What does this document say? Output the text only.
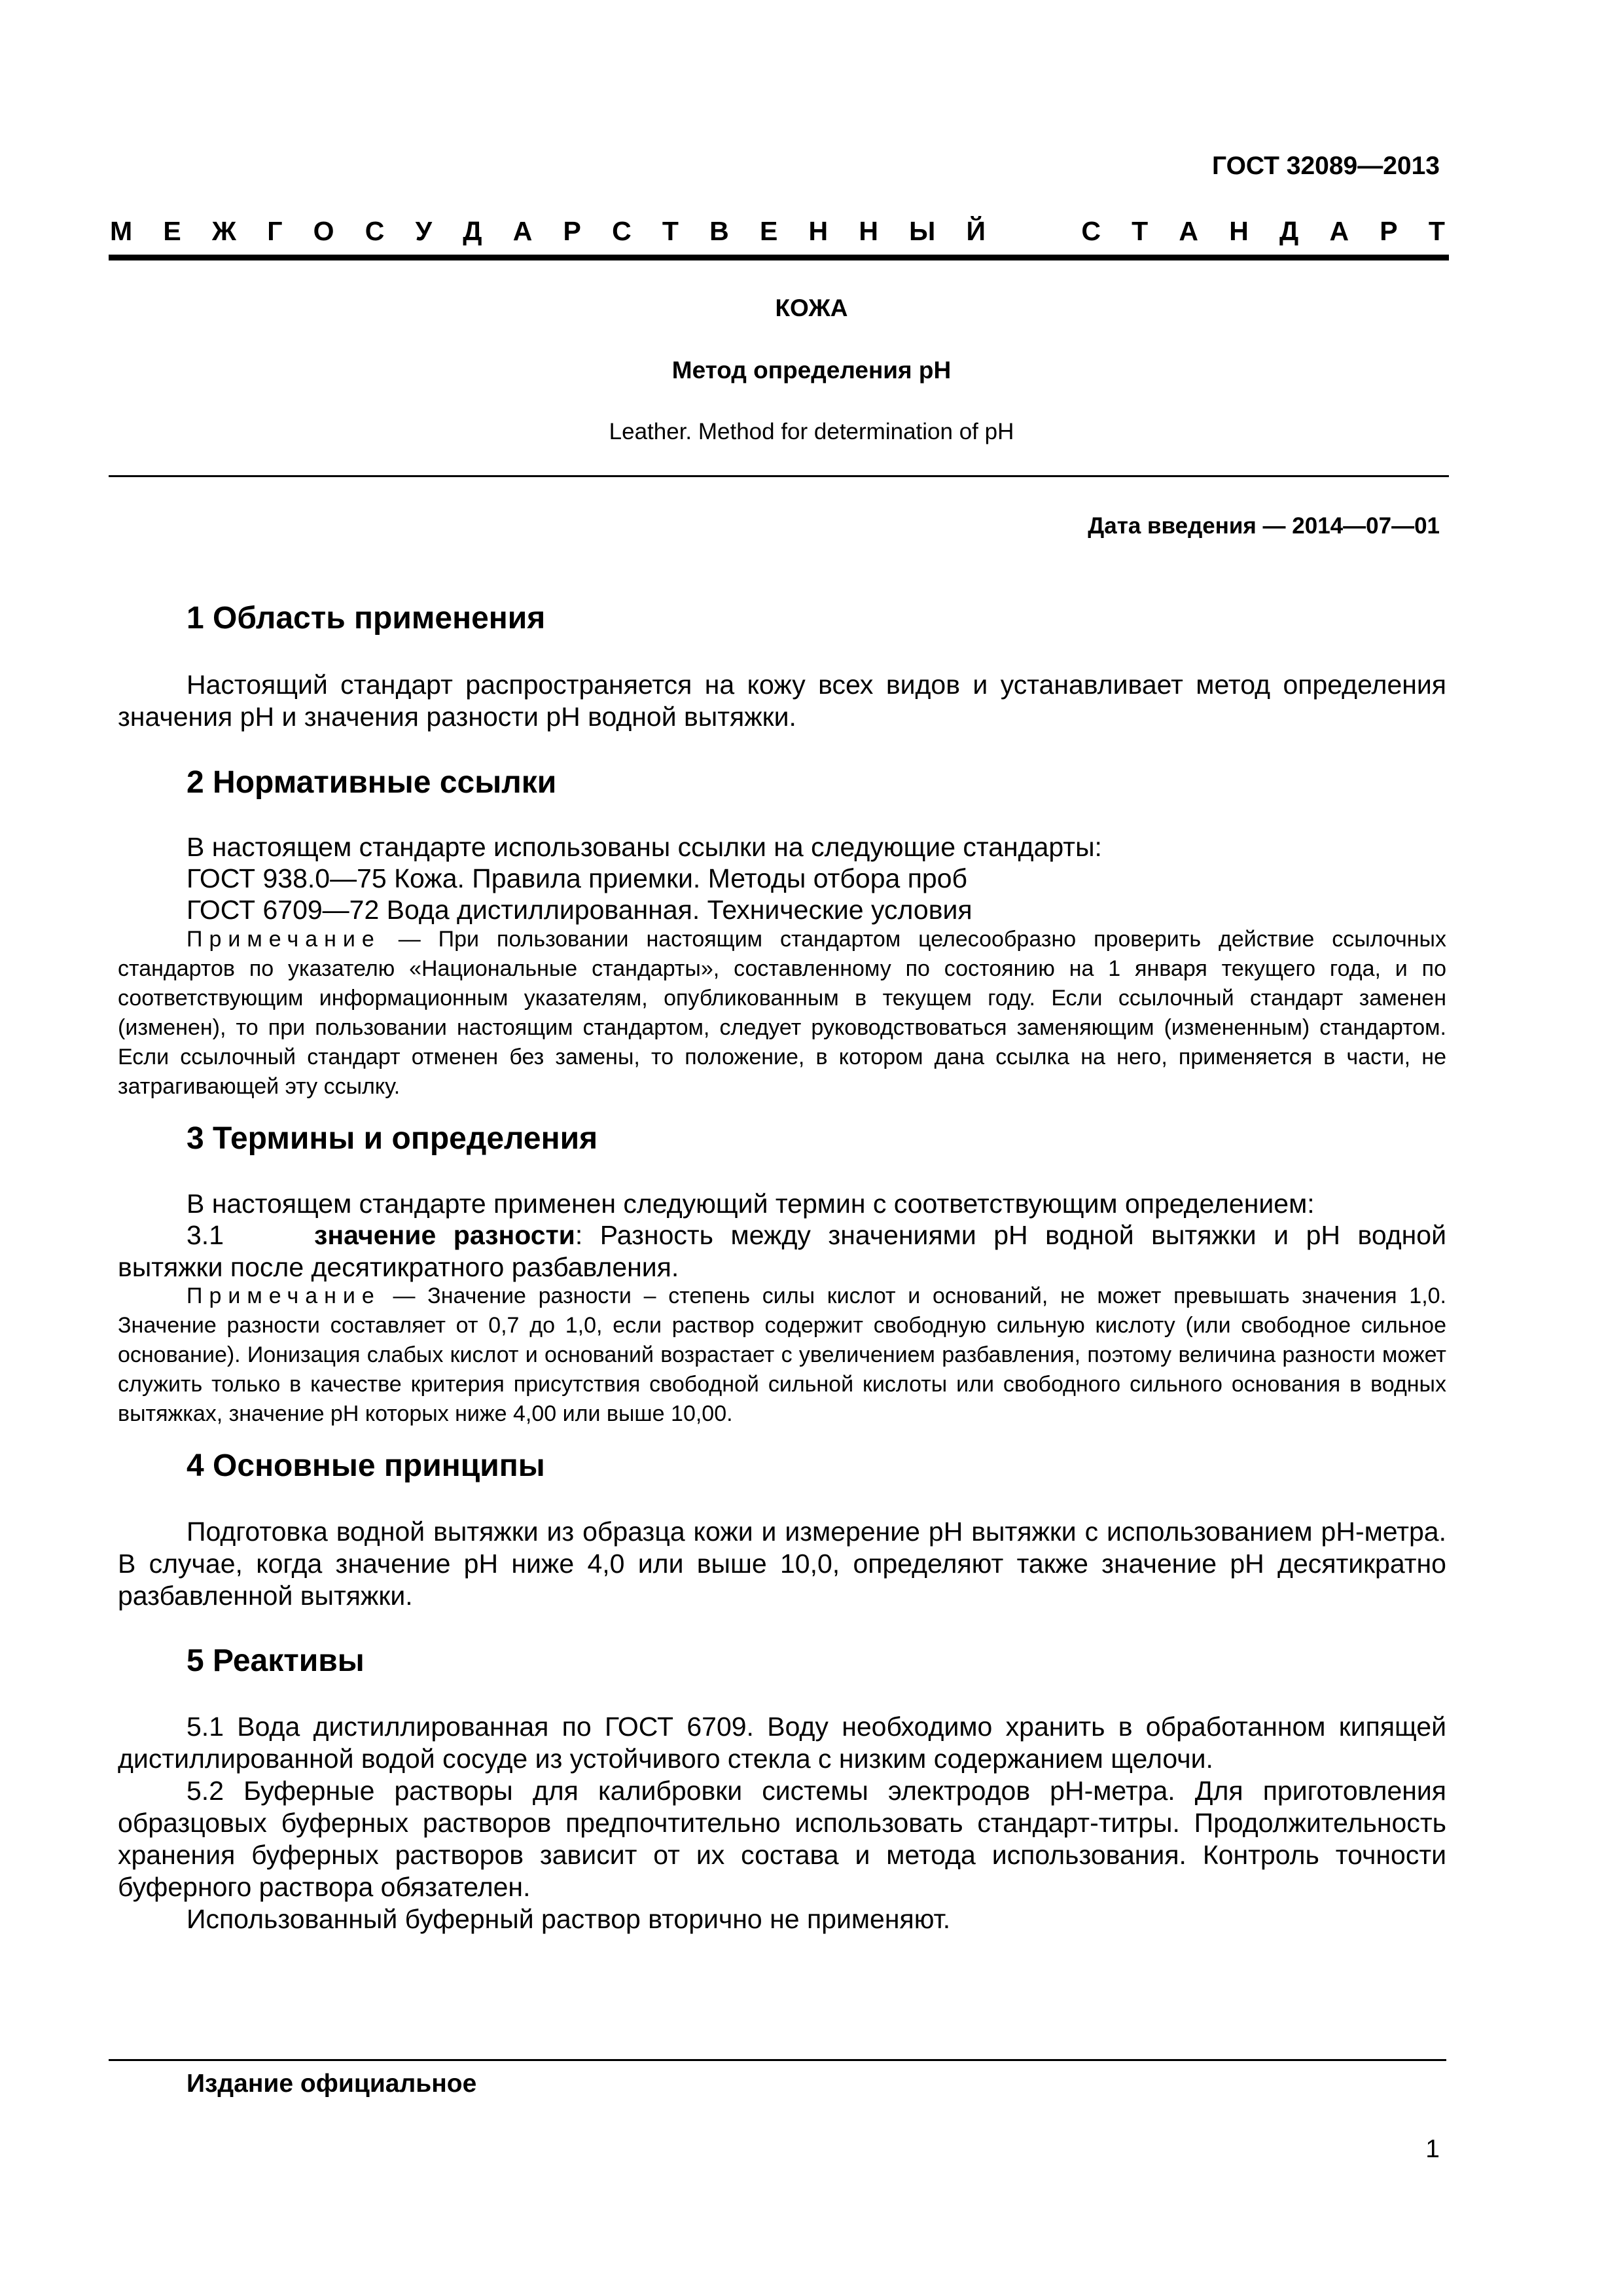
ГОСТ 32089—2013
М Е Ж Г О С У Д А Р С Т В Е Н Н Ы Й	С Т А Н Д А Р Т
КОЖА
Метод определения pH
Leather. Method for determination of pH
Дата введения — 2014—07—01
1 Область применения

Настоящий стандарт распространяется на кожу всех видов и устанавливает метод определения значения pH и значения разности pH водной вытяжки.

2 Нормативные ссылки
В настоящем стандарте использованы ссылки на следующие стандарты:
ГОСТ 938.0—75 Кожа. Правила приемки. Методы отбора проб
ГОСТ 6709—72 Вода дистиллированная. Технические условия

Примечание — При пользовании настоящим стандартом целесообразно проверить действие ссылочных стандартов по указателю «Национальные стандарты», составленному по состоянию на 1 января текущего года, и по соответствующим информационным указателям, опубликованным в текущем году. Если ссылочный стандарт заменен (изменен), то при пользовании настоящим стандартом, следует руководствоваться заменяющим (измененным) стандартом. Если ссылочный стандарт отменен без замены, то положение, в котором дана ссылка на него, применяется в части, не затрагивающей эту ссылку.

3 Термины и определения
В настоящем стандарте применен следующий термин с соответствующим определением:

3.1	значение разности: Разность между значениями pH водной вытяжки и pH водной вытяжки после десятикратного разбавления.

Примечание — Значение разности – степень силы кислот и оснований, не может превышать значения 1,0. Значение разности составляет от 0,7 до 1,0, если раствор содержит свободную сильную кислоту (или свободное сильное основание). Ионизация слабых кислот и оснований возрастает с увеличением разбавления, поэтому величина разности может служить только в качестве критерия присутствия свободной сильной кислоты или свободного сильного основания в водных вытяжках, значение pH которых ниже 4,00 или выше 10,00.

4 Основные принципы

Подготовка водной вытяжки из образца кожи и измерение pH вытяжки с использованием pH-метра. В случае, когда значение pH ниже 4,0 или выше 10,0, определяют также значение pH десятикратно разбавленной вытяжки.

5 Реактивы

5.1 Вода дистиллированная по ГОСТ 6709. Воду необходимо хранить в обработанном кипящей дистиллированной водой сосуде из устойчивого стекла с низким содержанием щелочи.

5.2 Буферные растворы для калибровки системы электродов pH-метра. Для приготовления образцовых буферных растворов предпочтительно использовать стандарт-титры. Продолжительность хранения буферных растворов зависит от их состава и метода использования. Контроль точности буферного раствора обязателен.

Использованный буферный раствор вторично не применяют.

Издание официальное
1
